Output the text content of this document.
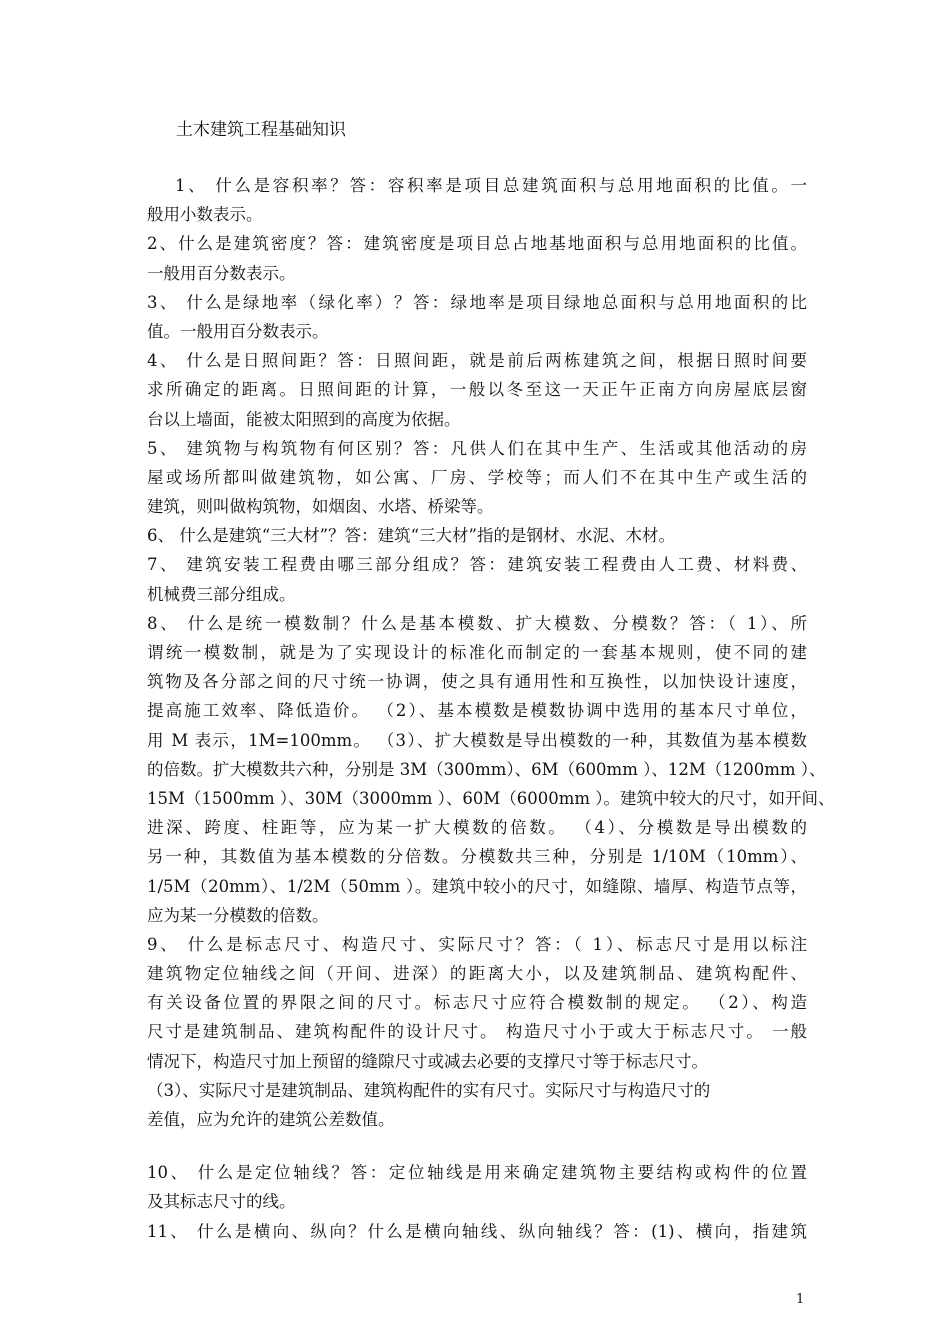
土木建筑工程基础知识
1、 什么是容积率？答：容积率是项目总建筑面积与总用地面积的比值。一
般用小数表示。
2、什么是建筑密度？答：建筑密度是项目总占地基地面积与总用地面积的比值。
一般用百分数表示。
3、 什么是绿地率（绿化率）？答：绿地率是项目绿地总面积与总用地面积的比
值。一般用百分数表示。
4、 什么是日照间距？答：日照间距，就是前后两栋建筑之间，根据日照时间要
求所确定的距离。日照间距的计算，一般以冬至这一天正午正南方向房屋底层窗
台以上墙面，能被太阳照到的高度为依据。
5、 建筑物与构筑物有何区别？答：凡供人们在其中生产、生活或其他活动的房
屋或场所都叫做建筑物，如公寓、厂房、学校等；而人们不在其中生产或生活的
建筑，则叫做构筑物，如烟囱、水塔、桥梁等。
6、 什么是建筑“三大材”？答：建筑“三大材”指的是钢材、水泥、木材。
7、 建筑安装工程费由哪三部分组成？答：建筑安装工程费由人工费、材料费、
机械费三部分组成。
8、 什么是统一模数制？什么是基本模数、扩大模数、分模数？答：（ 1）、所
谓统一模数制，就是为了实现设计的标准化而制定的一套基本规则，使不同的建
筑物及各分部之间的尺寸统一协调，使之具有通用性和互换性，以加快设计速度，
提高施工效率、降低造价。 （2）、基本模数是模数协调中选用的基本尺寸单位，
用 M 表示，1M=100mm。 （3）、扩大模数是导出模数的一种，其数值为基本模数
的倍数。扩大模数共六种，分别是 3M（300mm）、6M（600mm ）、12M（1200mm ）、
15M（1500mm ）、30M（3000mm ）、60M（6000mm ）。建筑中较大的尺寸，如开间、
进深、跨度、柱距等，应为某一扩大模数的倍数。 （4）、分模数是导出模数的
另一种，其数值为基本模数的分倍数。分模数共三种，分别是 1/10M（10mm）、
1/5M（20mm）、1/2M（50mm ）。建筑中较小的尺寸，如缝隙、墙厚、构造节点等，
应为某一分模数的倍数。
9、 什么是标志尺寸、构造尺寸、实际尺寸？答：（ 1）、标志尺寸是用以标注
建筑物定位轴线之间（开间、进深）的距离大小，以及建筑制品、建筑构配件、
有关设备位置的界限之间的尺寸。标志尺寸应符合模数制的规定。 （2）、构造
尺寸是建筑制品、建筑构配件的设计尺寸。 构造尺寸小于或大于标志尺寸。 一般
情况下，构造尺寸加上预留的缝隙尺寸或减去必要的支撑尺寸等于标志尺寸。
（3）、实际尺寸是建筑制品、建筑构配件的实有尺寸。实际尺寸与构造尺寸的
差值，应为允许的建筑公差数值。
10、 什么是定位轴线？答：定位轴线是用来确定建筑物主要结构或构件的位置
及其标志尺寸的线。
11、 什么是横向、纵向？什么是横向轴线、纵向轴线？答：(1)、横向，指建筑
1
